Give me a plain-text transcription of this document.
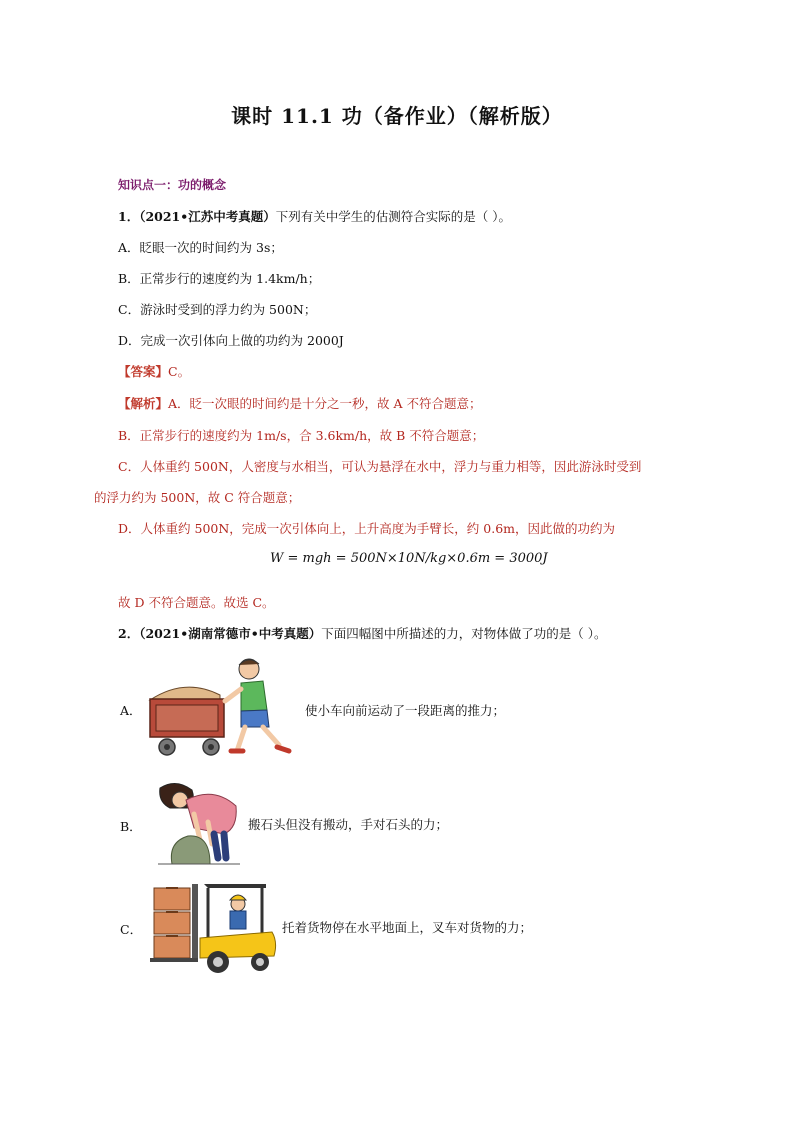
课时 11.1 功（备作业）（解析版）
知识点一：功的概念
1．（2021•江苏中考真题）下列有关中学生的估测符合实际的是（ ）。
A．眨眼一次的时间约为 3s；
B．正常步行的速度约为 1.4km/h；
C．游泳时受到的浮力约为 500N；
D．完成一次引体向上做的功约为 2000J
【答案】C。
【解析】A．眨一次眼的时间约是十分之一秒，故 A 不符合题意；
B．正常步行的速度约为 1m/s，合 3.6km/h，故 B 不符合题意；
C．人体重约 500N，人密度与水相当，可认为悬浮在水中，浮力与重力相等，因此游泳时受到
的浮力约为 500N，故 C 符合题意；
D．人体重约 500N，完成一次引体向上，上升高度为手臂长，约 0.6m，因此做的功约为
W = mgh = 500N×10N/kg×0.6m = 3000J
故 D 不符合题意。故选 C。
2．（2021•湖南常德市•中考真题）下面四幅图中所描述的力，对物体做了功的是（ ）。
A．	使小车向前运动了一段距离的推力；
B．	搬石头但没有搬动，手对石头的力；
C．	托着货物停在水平地面上，叉车对货物的力；
